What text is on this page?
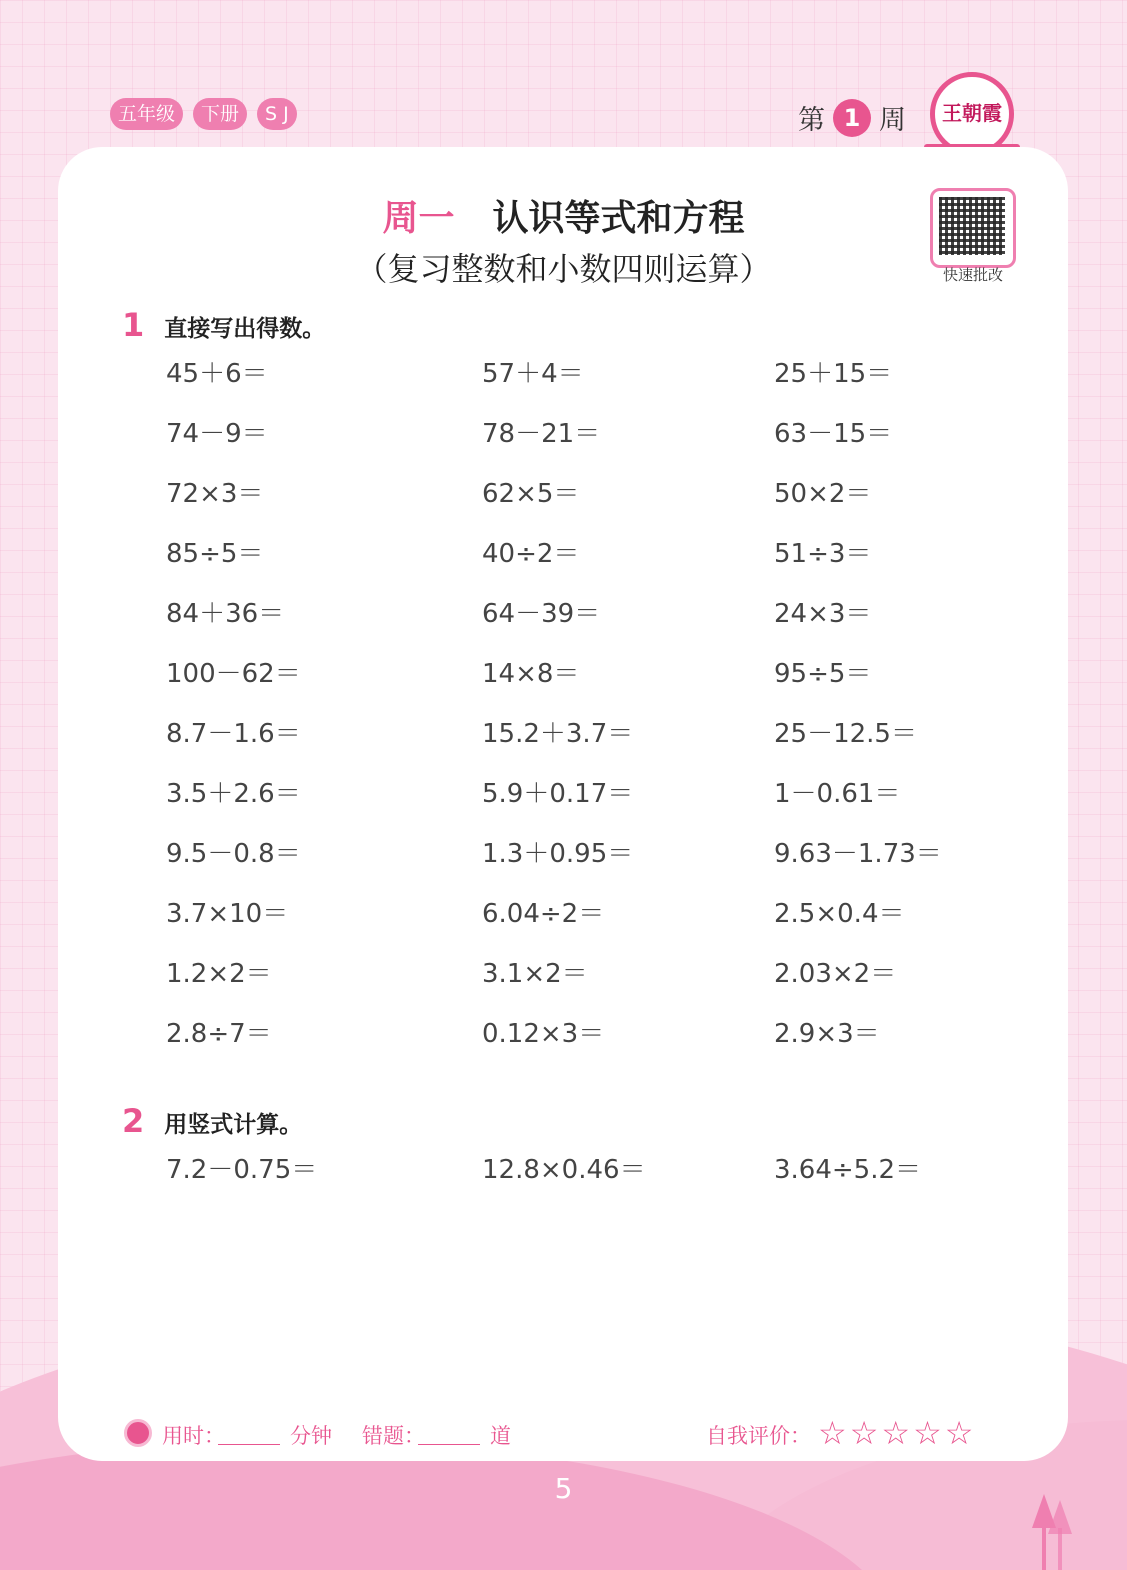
五年级	下册	S J	第 1 周	王朝霞
周一 认识等式和方程
（复习整数和小数四则运算）	快速批改
1 直接写出得数。
45＋6＝	57＋4＝	25＋15＝
74－9＝	78－21＝	63－15＝
72×3＝	62×5＝	50×2＝
85÷5＝	40÷2＝	51÷3＝
84＋36＝	64－39＝	24×3＝
100－62＝	14×8＝	95÷5＝
8.7－1.6＝	15.2＋3.7＝	25－12.5＝
3.5＋2.6＝	5.9＋0.17＝	1－0.61＝
9.5－0.8＝	1.3＋0.95＝	9.63－1.73＝
3.7×10＝	6.04÷2＝	2.5×0.4＝
1.2×2＝	3.1×2＝	2.03×2＝
2.8÷7＝	0.12×3＝	2.9×3＝
2 用竖式计算。
7.2－0.75＝	12.8×0.46＝	3.64÷5.2＝
用时：	分钟 错题：	道	自我评价： ☆☆☆☆☆
5
